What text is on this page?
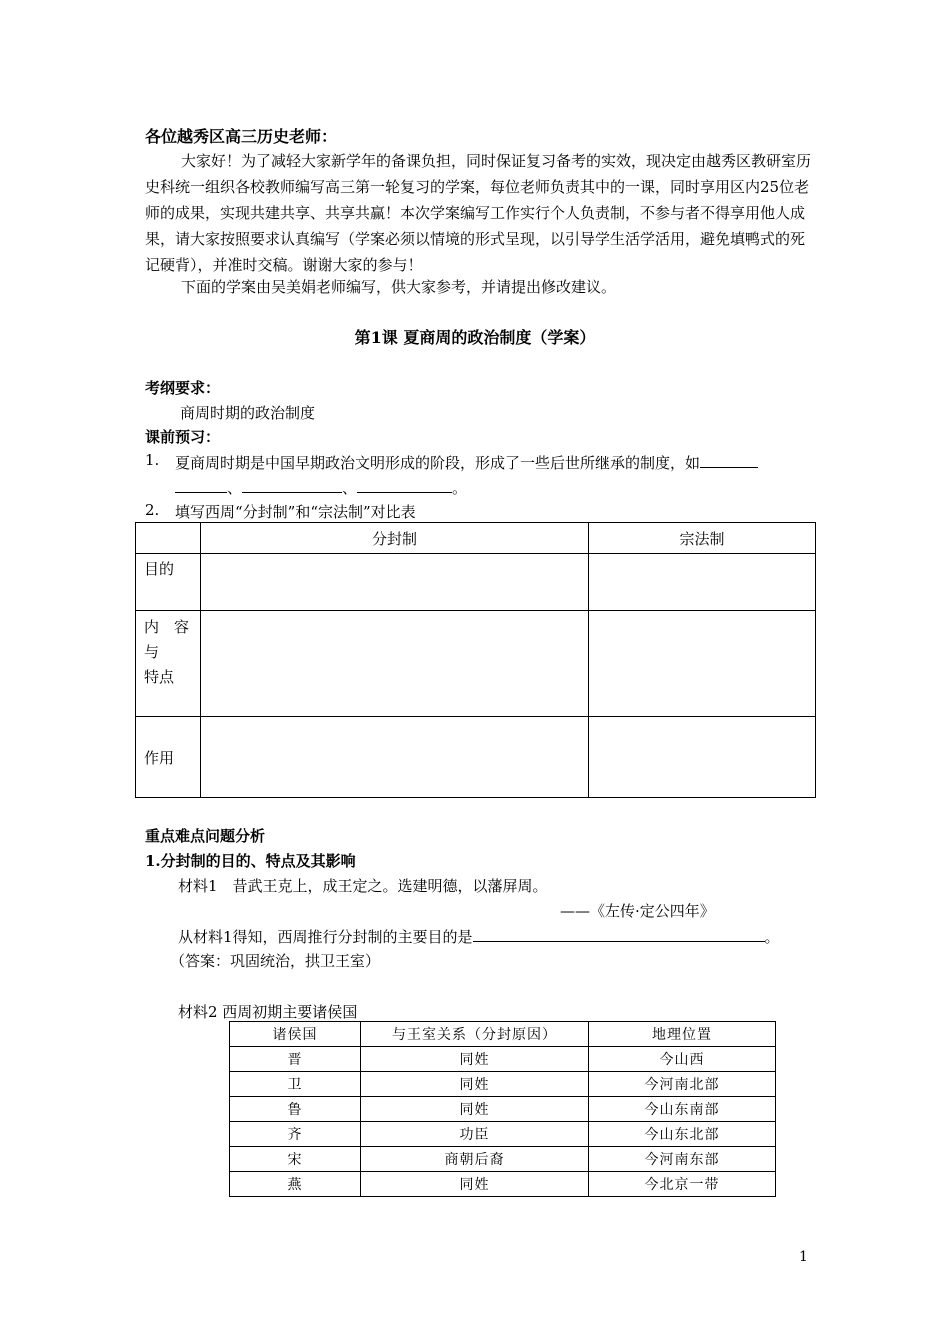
各位越秀区高三历史老师：
大家好！为了减轻大家新学年的备课负担，同时保证复习备考的实效，现决定由越秀区教研室历史科统一组织各校教师编写高三第一轮复习的学案，每位老师负责其中的一课，同时享用区内25位老师的成果，实现共建共享、共享共赢！本次学案编写工作实行个人负责制，不参与者不得享用他人成果，请大家按照要求认真编写（学案必须以情境的形式呈现，以引导学生活学活用，避免填鸭式的死记硬背），并准时交稿。谢谢大家的参与！
下面的学案由吴美娟老师编写，供大家参考，并请提出修改建议。
第1课 夏商周的政治制度（学案）
考纲要求：
商周时期的政治制度
课前预习：
1. 夏商周时期是中国早期政治文明形成的阶段，形成了一些后世所继承的制度，如
、	、	。
2. 填写西周“分封制”和“宗法制”对比表
	分封制	宗法制
目的		

内　容
与
特点		

作用		
重点难点问题分析
1.分封制的目的、特点及其影响
材料1　昔武王克上，成王定之。选建明德，以藩屏周。
——《左传·定公四年》
从材料1得知，西周推行分封制的主要目的是	。
（答案：巩固统治，拱卫王室）
材料2 西周初期主要诸侯国
诸侯国	与王室关系（分封原因）	地理位置
晋	同姓	今山西
卫	同姓	今河南北部
鲁	同姓	今山东南部
齐	功臣	今山东北部
宋	商朝后裔	今河南东部
燕	同姓	今北京一带
1
